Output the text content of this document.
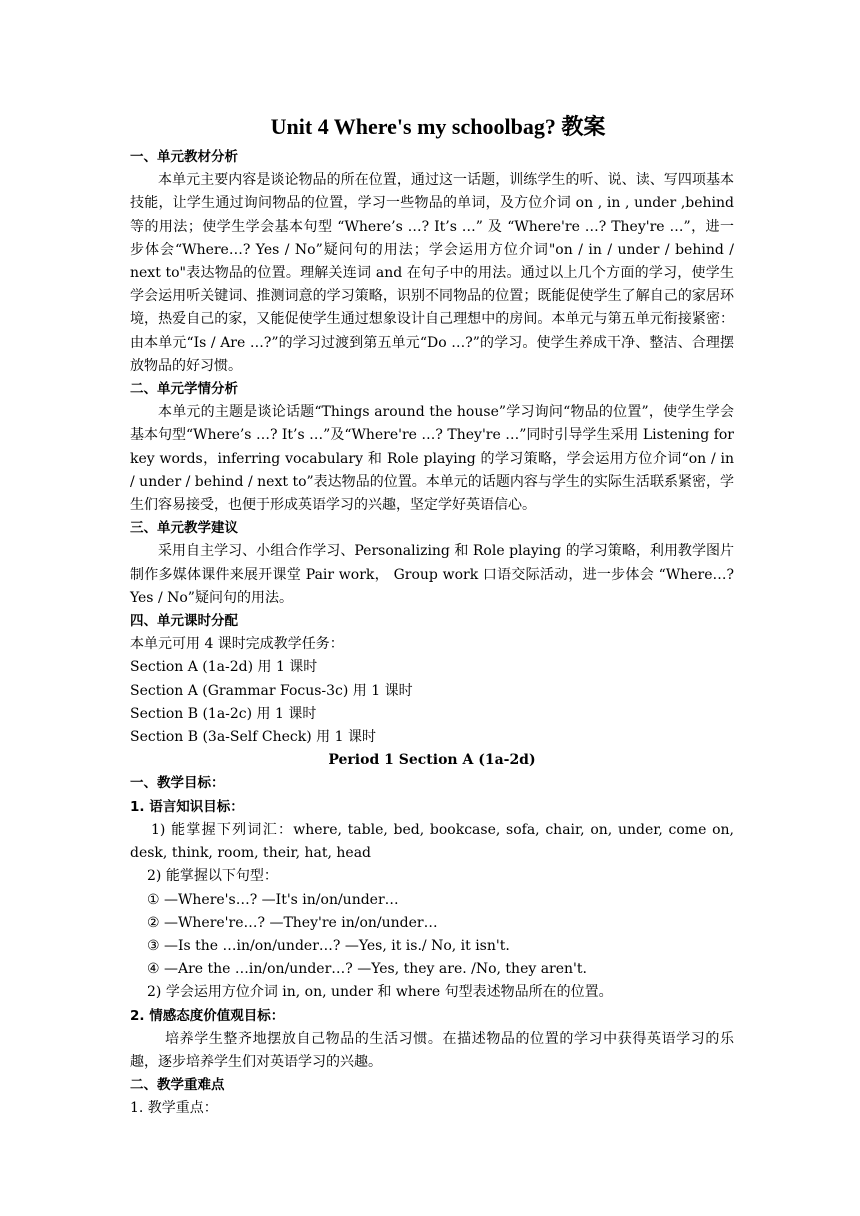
Unit 4 Where's my schoolbag? 教案

一、单元教材分析

本单元主要内容是谈论物品的所在位置，通过这一话题，训练学生的听、说、读、写四项基本技能，让学生通过询问物品的位置，学习一些物品的单词，及方位介词 on , in , under ,behind 等的用法；使学生学会基本句型 “Where’s …? It’s …” 及 “Where're …? They're …”，进一步体会“Where…? Yes / No”疑问句的用法；学会运用方位介词"on / in / under / behind / next to"表达物品的位置。理解关连词 and 在句子中的用法。通过以上几个方面的学习，使学生学会运用听关键词、推测词意的学习策略，识别不同物品的位置；既能促使学生了解自己的家居环境，热爱自己的家，又能促使学生通过想象设计自己理想中的房间。本单元与第五单元衔接紧密：由本单元“Is / Are …?”的学习过渡到第五单元“Do …?”的学习。使学生养成干净、整洁、合理摆放物品的好习惯。

二、单元学情分析

本单元的主题是谈论话题“Things around the house”学习询问“物品的位置”，使学生学会基本句型“Where’s …? It’s …”及“Where're …? They're …”同时引导学生采用 Listening for key words，inferring vocabulary 和 Role playing 的学习策略，学会运用方位介词“on / in / under / behind / next to”表达物品的位置。本单元的话题内容与学生的实际生活联系紧密，学生们容易接受，也便于形成英语学习的兴趣，坚定学好英语信心。

三、单元教学建议

采用自主学习、小组合作学习、Personalizing 和 Role playing 的学习策略，利用教学图片制作多媒体课件来展开课堂 Pair work， Group work 口语交际活动，进一步体会 “Where…? Yes / No”疑问句的用法。

四、单元课时分配

本单元可用 4 课时完成教学任务：

Section A (1a-2d) 用 1 课时

Section A (Grammar Focus-3c) 用 1 课时

Section B (1a-2c) 用 1 课时

Section B (3a-Self Check) 用 1 课时

Period 1 Section A (1a-2d)

一、教学目标：

1. 语言知识目标：

1) 能掌握下列词汇：where, table, bed, bookcase, sofa, chair, on, under, come on, desk, think, room, their, hat, head

2) 能掌握以下句型：

① —Where's…? —It's in/on/under…

② —Where're…? —They're in/on/under…

③ —Is the …in/on/under…? —Yes, it is./ No, it isn't.

④ —Are the …in/on/under…? —Yes, they are. /No, they aren't.

2) 学会运用方位介词 in, on, under 和 where 句型表述物品所在的位置。

2. 情感态度价值观目标：

培养学生整齐地摆放自己物品的生活习惯。在描述物品的位置的学习中获得英语学习的乐趣，逐步培养学生们对英语学习的兴趣。

二、教学重难点

1. 教学重点：
